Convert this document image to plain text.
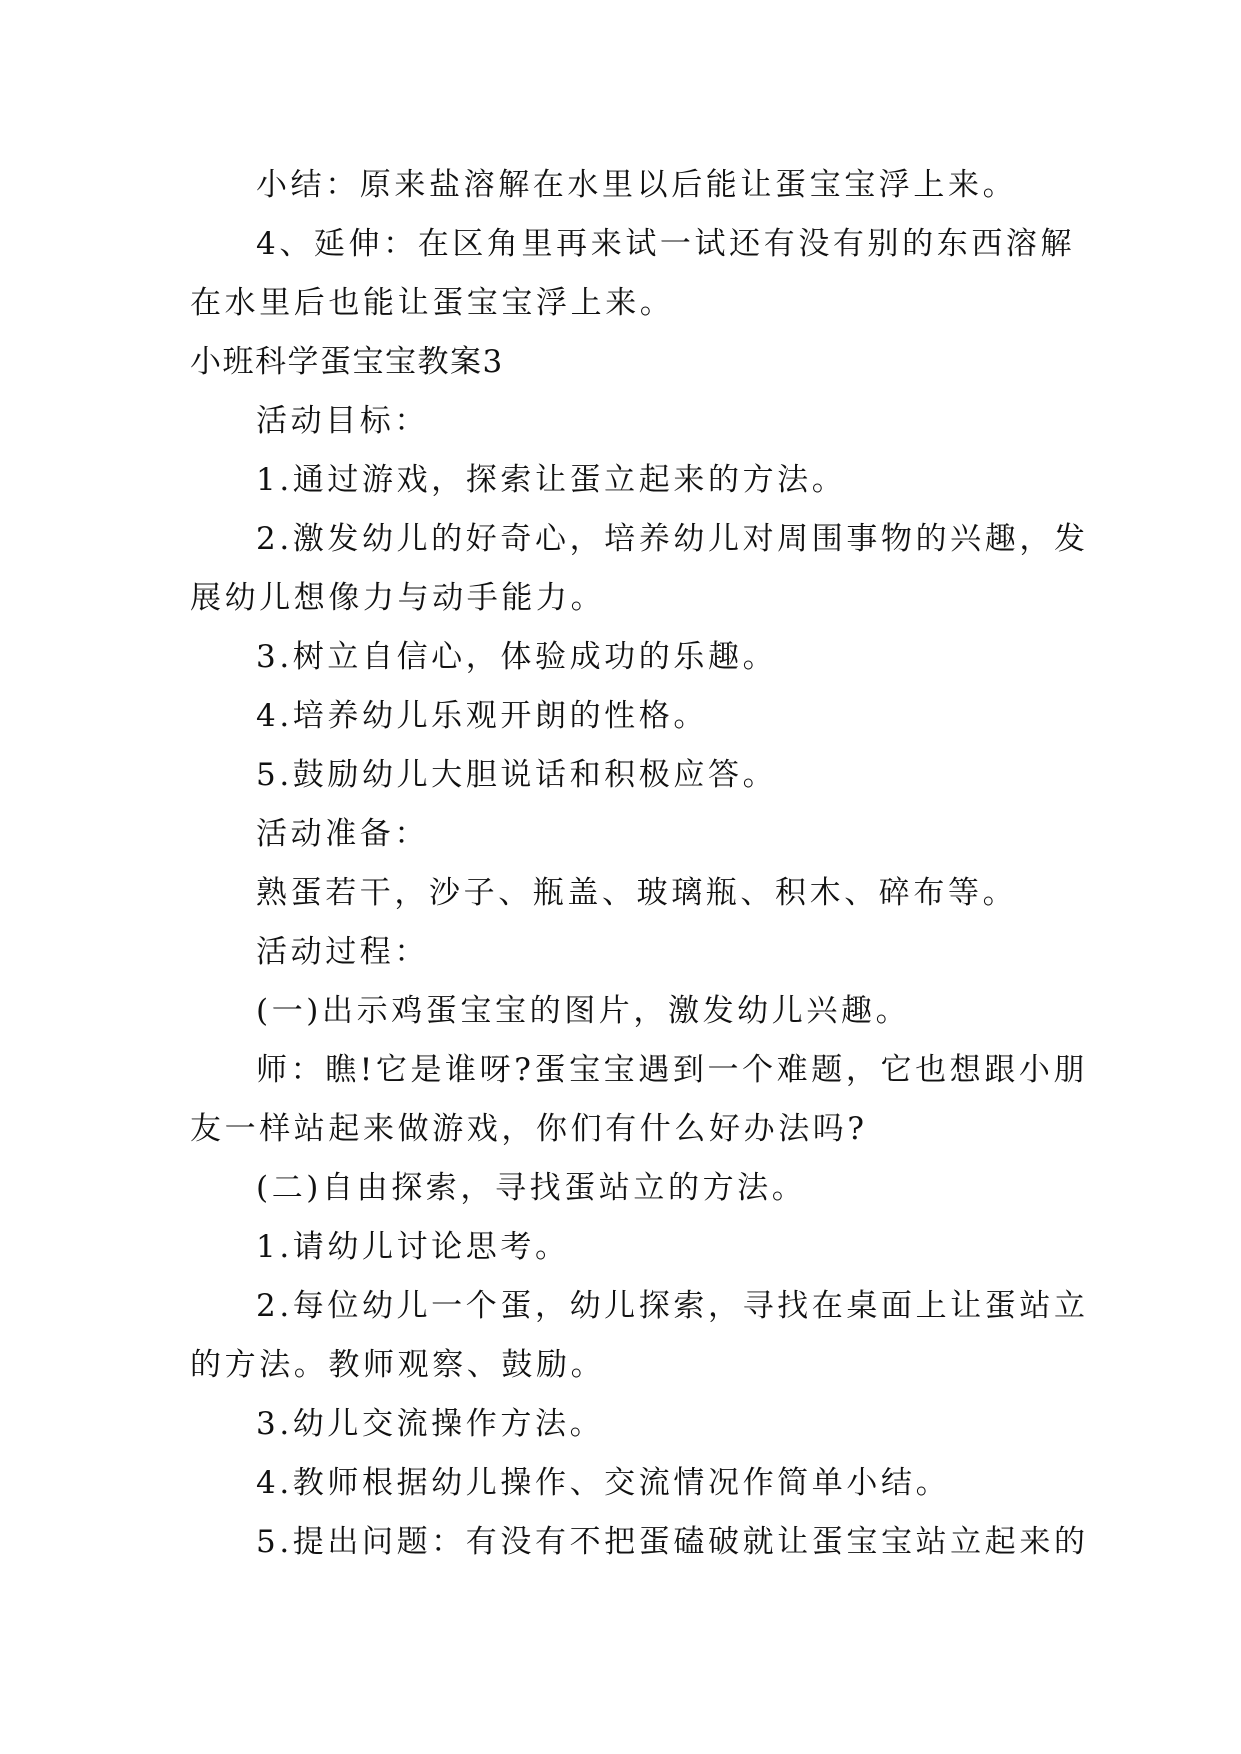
小结：原来盐溶解在水里以后能让蛋宝宝浮上来。
4、延伸：在区角里再来试一试还有没有别的东西溶解
在水里后也能让蛋宝宝浮上来。
小班科学蛋宝宝教案3
活动目标：
1.通过游戏，探索让蛋立起来的方法。
2.激发幼儿的好奇心，培养幼儿对周围事物的兴趣，发
展幼儿想像力与动手能力。
3.树立自信心，体验成功的乐趣。
4.培养幼儿乐观开朗的性格。
5.鼓励幼儿大胆说话和积极应答。
活动准备：
熟蛋若干，沙子、瓶盖、玻璃瓶、积木、碎布等。
活动过程：
(一)出示鸡蛋宝宝的图片，激发幼儿兴趣。
师：瞧!它是谁呀?蛋宝宝遇到一个难题，它也想跟小朋
友一样站起来做游戏，你们有什么好办法吗?
(二)自由探索，寻找蛋站立的方法。
1.请幼儿讨论思考。
2.每位幼儿一个蛋，幼儿探索，寻找在桌面上让蛋站立
的方法。教师观察、鼓励。
3.幼儿交流操作方法。
4.教师根据幼儿操作、交流情况作简单小结。
5.提出问题：有没有不把蛋磕破就让蛋宝宝站立起来的
